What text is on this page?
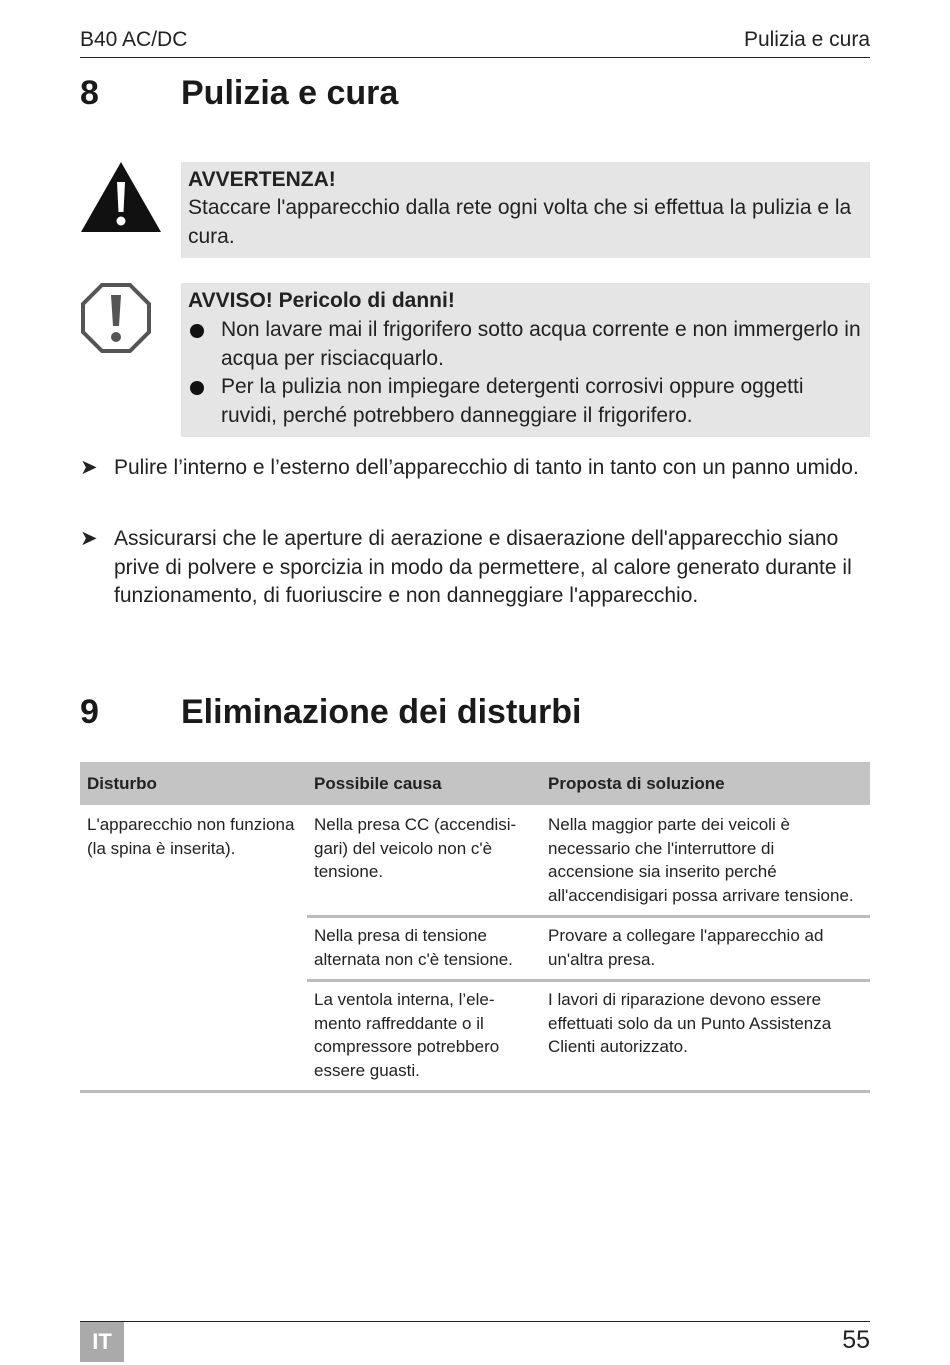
B40 AC/DC	Pulizia e cura
8 Pulizia e cura
AVVERTENZA!
Staccare l'apparecchio dalla rete ogni volta che si effettua la pulizia e la cura.
AVVISO! Pericolo di danni!
Non lavare mai il frigorifero sotto acqua corrente e non immergerlo in acqua per risciacquarlo.
Per la pulizia non impiegare detergenti corrosivi oppure oggetti ruvidi, perché potrebbero danneggiare il frigorifero.
➤ Pulire l’interno e l’esterno dell’apparecchio di tanto in tanto con un panno umido.
➤ Assicurarsi che le aperture di aerazione e disaerazione dell'apparecchio siano prive di polvere e sporcizia in modo da permettere, al calore generato durante il funzionamento, di fuoriuscire e non danneggiare l'apparecchio.
9 Eliminazione dei disturbi
Disturbo	Possibile causa	Proposta di soluzione
L'apparecchio non funziona (la spina è inserita).	Nella presa CC (accendisi-gari) del veicolo non c'è tensione.	Nella maggior parte dei veicoli è necessario che l'interruttore di accensione sia inserito perché all'accendisigari possa arrivare tensione.
	Nella presa di tensione alternata non c'è tensione.	Provare a collegare l'apparecchio ad un'altra presa.
	La ventola interna, l’ele-mento raffreddante o il compressore potrebbero essere guasti.	I lavori di riparazione devono essere effettuati solo da un Punto Assistenza Clienti autorizzato.
IT	55
